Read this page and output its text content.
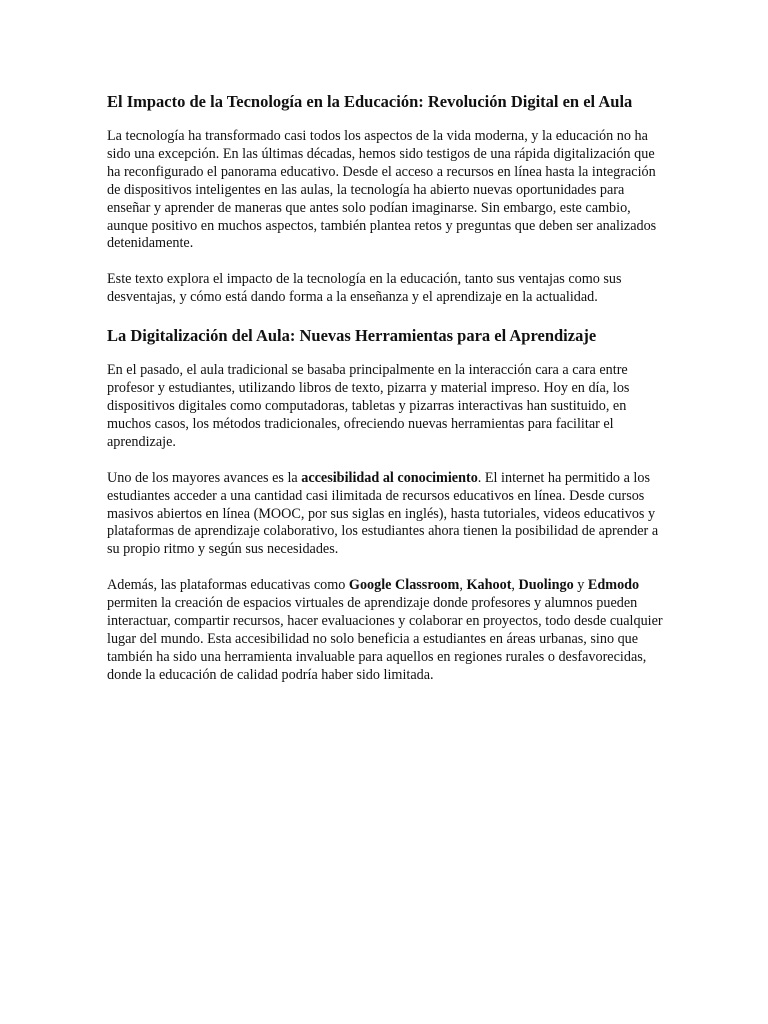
El Impacto de la Tecnología en la Educación: Revolución Digital en el Aula

La tecnología ha transformado casi todos los aspectos de la vida moderna, y la educación no ha sido una excepción. En las últimas décadas, hemos sido testigos de una rápida digitalización que ha reconfigurado el panorama educativo. Desde el acceso a recursos en línea hasta la integración de dispositivos inteligentes en las aulas, la tecnología ha abierto nuevas oportunidades para enseñar y aprender de maneras que antes solo podían imaginarse. Sin embargo, este cambio, aunque positivo en muchos aspectos, también plantea retos y preguntas que deben ser analizados detenidamente.

Este texto explora el impacto de la tecnología en la educación, tanto sus ventajas como sus desventajas, y cómo está dando forma a la enseñanza y el aprendizaje en la actualidad.

La Digitalización del Aula: Nuevas Herramientas para el Aprendizaje

En el pasado, el aula tradicional se basaba principalmente en la interacción cara a cara entre profesor y estudiantes, utilizando libros de texto, pizarra y material impreso. Hoy en día, los dispositivos digitales como computadoras, tabletas y pizarras interactivas han sustituido, en muchos casos, los métodos tradicionales, ofreciendo nuevas herramientas para facilitar el aprendizaje.

Uno de los mayores avances es la accesibilidad al conocimiento. El internet ha permitido a los estudiantes acceder a una cantidad casi ilimitada de recursos educativos en línea. Desde cursos masivos abiertos en línea (MOOC, por sus siglas en inglés), hasta tutoriales, videos educativos y plataformas de aprendizaje colaborativo, los estudiantes ahora tienen la posibilidad de aprender a su propio ritmo y según sus necesidades.

Además, las plataformas educativas como Google Classroom, Kahoot, Duolingo y Edmodo permiten la creación de espacios virtuales de aprendizaje donde profesores y alumnos pueden interactuar, compartir recursos, hacer evaluaciones y colaborar en proyectos, todo desde cualquier lugar del mundo. Esta accesibilidad no solo beneficia a estudiantes en áreas urbanas, sino que también ha sido una herramienta invaluable para aquellos en regiones rurales o desfavorecidas, donde la educación de calidad podría haber sido limitada.
